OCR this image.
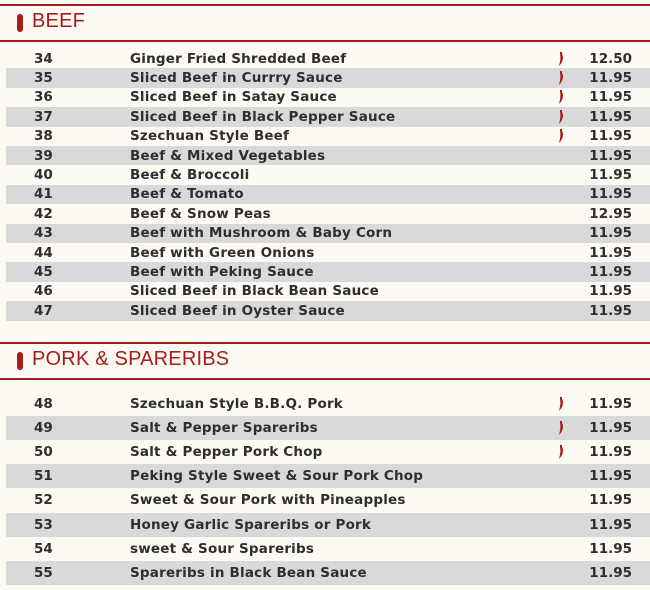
BEEF
34	Ginger Fried Shredded Beef	12.50
35	Sliced Beef in Currry Sauce	11.95
36	Sliced Beef in Satay Sauce	11.95
37	Sliced Beef in Black Pepper Sauce	11.95
38	Szechuan Style Beef	11.95
39	Beef & Mixed Vegetables	11.95
40	Beef & Broccoli	11.95
41	Beef & Tomato	11.95
42	Beef & Snow Peas	12.95
43	Beef with Mushroom & Baby Corn	11.95
44	Beef with Green Onions	11.95
45	Beef with Peking Sauce	11.95
46	Sliced Beef in Black Bean Sauce	11.95
47	Sliced Beef in Oyster Sauce	11.95
PORK & SPARERIBS
48	Szechuan Style B.B.Q. Pork	11.95
49	Salt & Pepper Spareribs	11.95
50	Salt & Pepper Pork Chop	11.95
51	Peking Style Sweet & Sour Pork Chop	11.95
52	Sweet & Sour Pork with Pineapples	11.95
53	Honey Garlic Spareribs or Pork	11.95
54	sweet & Sour Spareribs	11.95
55	Spareribs in Black Bean Sauce	11.95
